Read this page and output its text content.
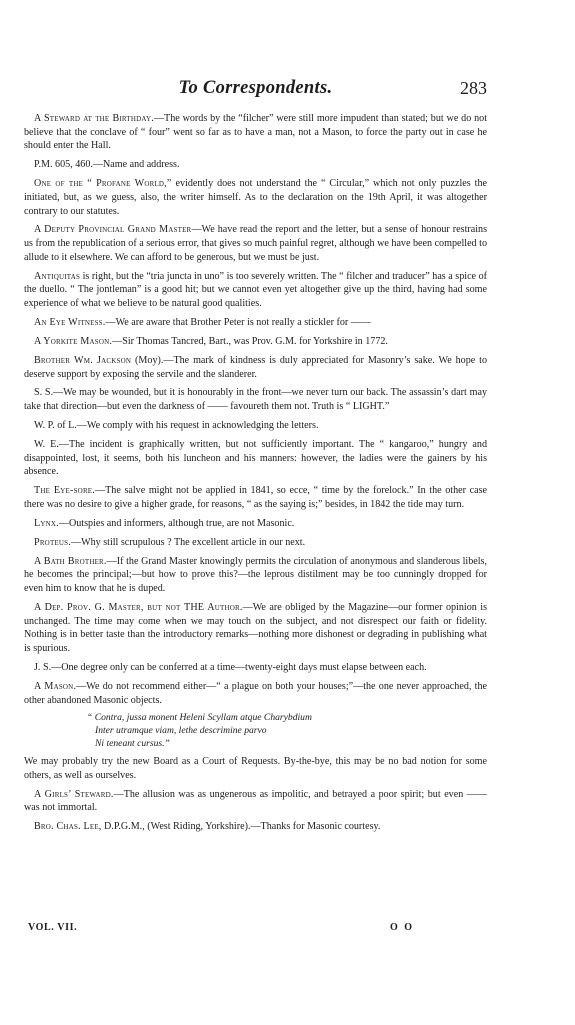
To Correspondents.	283

A Steward at the Birthday.—The words by the “filcher” were still more impudent than stated; but we do not believe that the conclave of “ four” went so far as to have a man, not a Mason, to force the party out in case he should enter the Hall.

P.M. 605, 460.—Name and address.

One of the “ Profane World,” evidently does not understand the “ Circular,” which not only puzzles the initiated, but, as we guess, also, the writer himself. As to the declaration on the 19th April, it was altogether contrary to our statutes.

A Deputy Provincial Grand Master—We have read the report and the letter, but a sense of honour restrains us from the republication of a serious error, that gives so much painful regret, although we have been compelled to allude to it elsewhere. We can afford to be generous, but we must be just.

Antiquitas is right, but the “tria juncta in uno” is too severely written. The “ filcher and traducer” has a spice of the duello. “ The jontleman” is a good hit; but we cannot even yet altogether give up the third, having had some experience of what we believe to be natural good qualities.

An Eye Witness.—We are aware that Brother Peter is not really a stickler for ——

A Yorkite Mason.—Sir Thomas Tancred, Bart., was Prov. G.M. for Yorkshire in 1772.

Brother Wm. Jackson (Moy).—The mark of kindness is duly appreciated for Masonry’s sake. We hope to deserve support by exposing the servile and the slanderer.

S. S.—We may be wounded, but it is honourably in the front—we never turn our back. The assassin’s dart may take that direction—but even the darkness of —— favoureth them not. Truth is “ LIGHT.”

W. P. of L.—We comply with his request in acknowledging the letters.

W. E.—The incident is graphically written, but not sufficiently important. The “ kangaroo,” hungry and disappointed, lost, it seems, both his luncheon and his manners: however, the ladies were the gainers by his absence.

The Eye-sore.—The salve might not be applied in 1841, so ecce, “ time by the forelock.” In the other case there was no desire to give a higher grade, for reasons, “ as the saying is;” besides, in 1842 the tide may turn.

Lynx.—Outspies and informers, although true, are not Masonic.

Proteus.—Why still scrupulous ? The excellent article in our next.

A Bath Brother.—If the Grand Master knowingly permits the circulation of anonymous and slanderous libels, he becomes the principal;—but how to prove this?—the leprous distilment may be too cunningly dropped for even him to know that he is duped.

A Dep. Prov. G. Master, but not THE Author.—We are obliged by the Magazine—our former opinion is unchanged. The time may come when we may touch on the subject, and not disrespect our faith or fidelity. Nothing is in better taste than the introductory remarks—nothing more dishonest or degrading in publishing what is spurious.

J. S.—One degree only can be conferred at a time—twenty-eight days must elapse between each.

A Mason.—We do not recommend either—“ a plague on both your houses;”—the one never approached, the other abandoned Masonic objects.

“ Contra, jussa monent Heleni Scyllam atque Charybdium
Inter utramque viam, lethe descrimine parvo
Ni teneant cursus.”

We may probably try the new Board as a Court of Requests. By-the-bye, this may be no bad notion for some others, as well as ourselves.

A Girls’ Steward.—The allusion was as ungenerous as impolitic, and betrayed a poor spirit; but even —— was not immortal.

Bro. Chas. Lee, D.P.G.M., (West Riding, Yorkshire).—Thanks for Masonic courtesy.

VOL. VII.	O O
